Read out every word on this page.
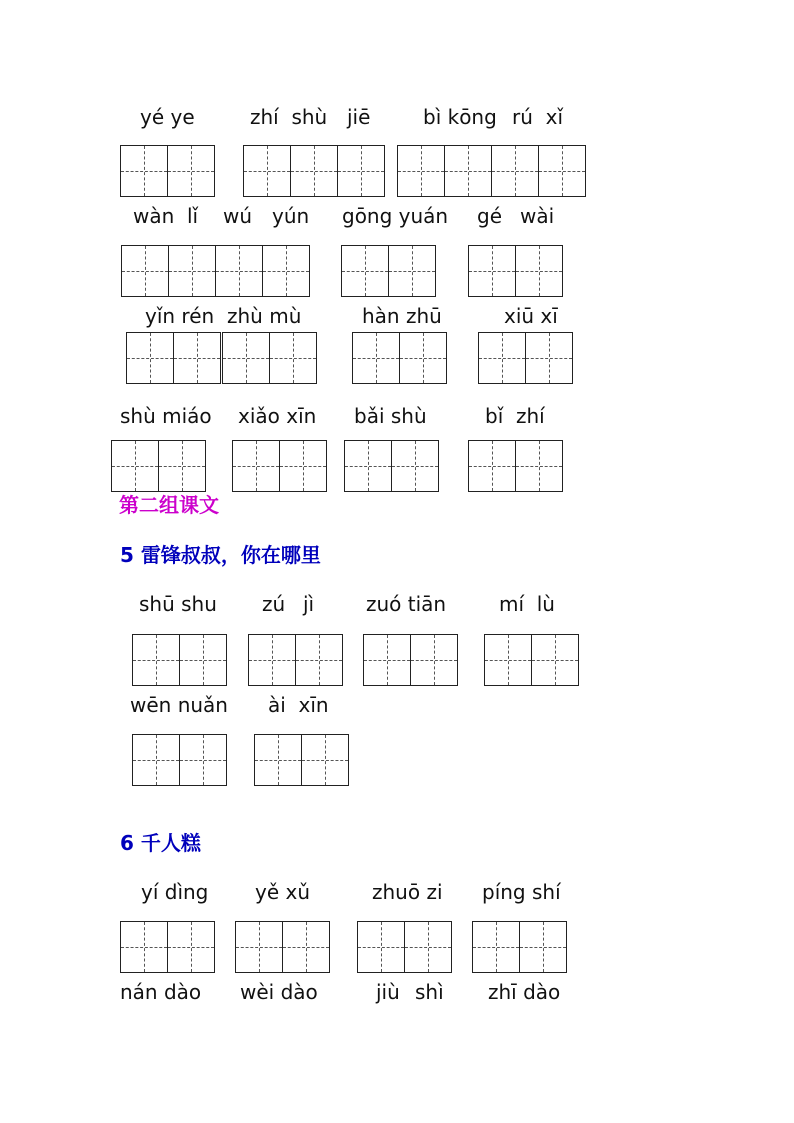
yé ye	zhí  shù jiē	bì kōng rú  xǐ
wàn  lǐ wú yún gōng yuán gé wài
yǐn rén zhù mù	hàn zhū	xiū xī
shù miáo xiǎo xīn bǎi shù	bǐ  zhí
第二组课文
5 雷锋叔叔，你在哪里
shū shu zú jì	zuó tiān	mí  lù
wēn nuǎn ài  xīn
6 千人糕
yí dìng yě xǔ	zhuō zi píng shí
nán dào wèi dào	jiù shì zhī dào
